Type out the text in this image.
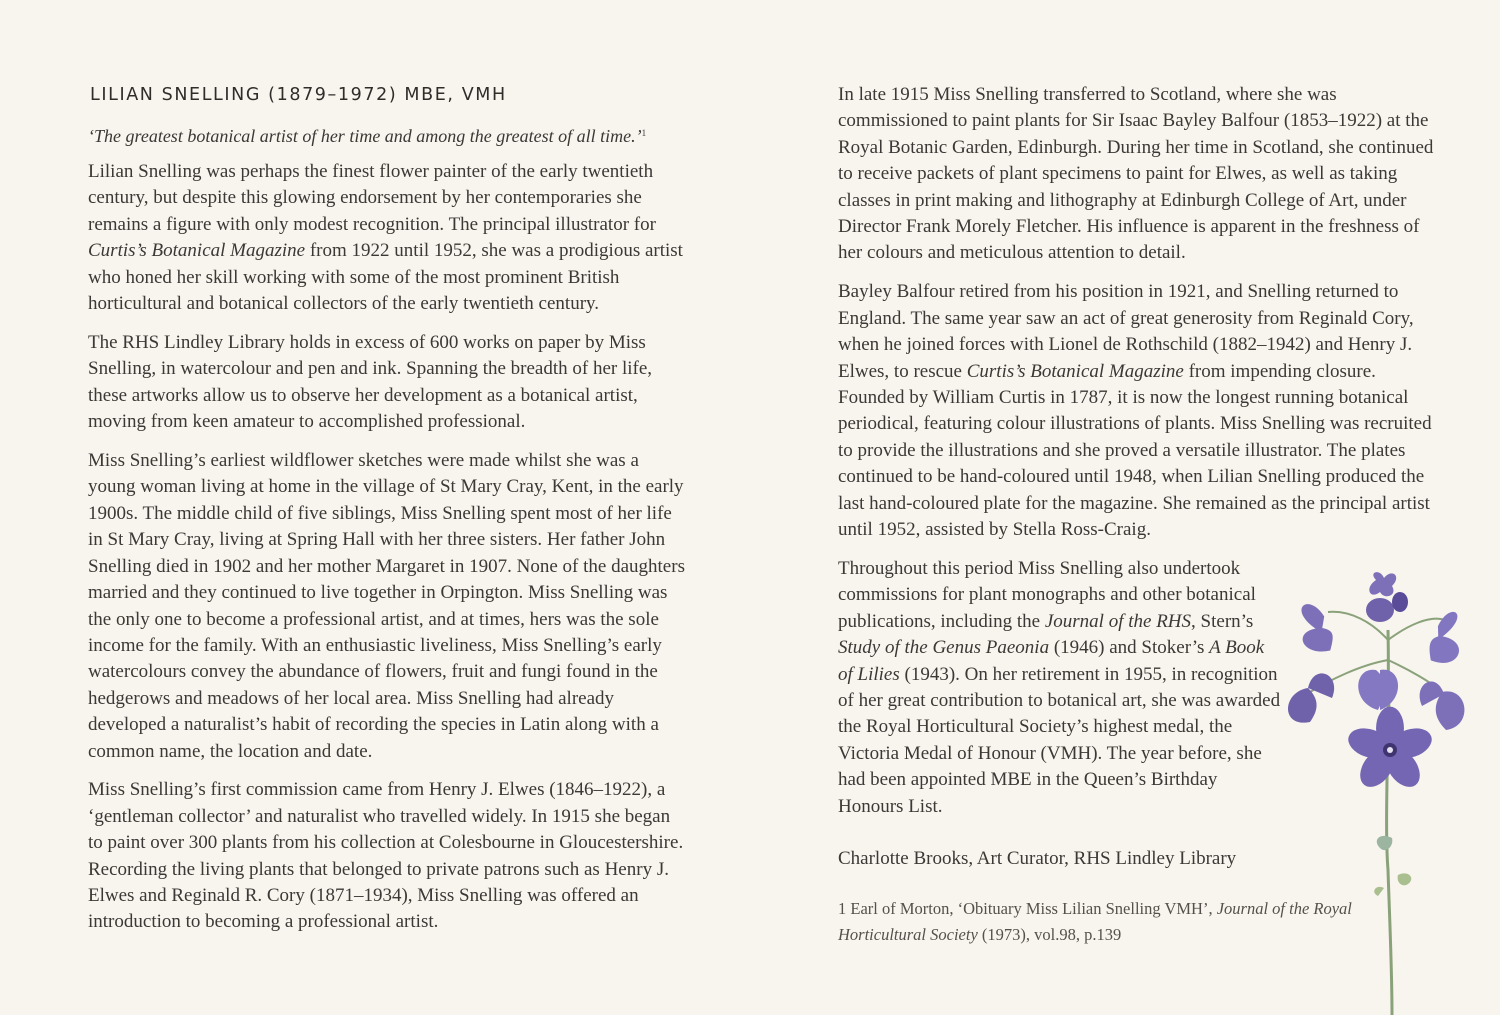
LILIAN SNELLING (1879–1972) MBE, VMH

‘The greatest botanical artist of her time and among the greatest of all time.’$^1$

Lilian Snelling was perhaps the finest flower painter of the early twentieth century, but despite this glowing endorsement by her contemporaries she remains a figure with only modest recognition. The principal illustrator for Curtis’s Botanical Magazine from 1922 until 1952, she was a prodigious artist who honed her skill working with some of the most prominent British horticultural and botanical collectors of the early twentieth century.

The RHS Lindley Library holds in excess of 600 works on paper by Miss Snelling, in watercolour and pen and ink. Spanning the breadth of her life, these artworks allow us to observe her development as a botanical artist, moving from keen amateur to accomplished professional.

Miss Snelling’s earliest wildflower sketches were made whilst she was a young woman living at home in the village of St Mary Cray, Kent, in the early 1900s. The middle child of five siblings, Miss Snelling spent most of her life in St Mary Cray, living at Spring Hall with her three sisters. Her father John Snelling died in 1902 and her mother Margaret in 1907. None of the daughters married and they continued to live together in Orpington. Miss Snelling was the only one to become a professional artist, and at times, hers was the sole income for the family. With an enthusiastic liveliness, Miss Snelling’s early watercolours convey the abundance of flowers, fruit and fungi found in the hedgerows and meadows of her local area. Miss Snelling had already developed a naturalist’s habit of recording the species in Latin along with a common name, the location and date.

Miss Snelling’s first commission came from Henry J. Elwes (1846–1922), a ‘gentleman collector’ and naturalist who travelled widely. In 1915 she began to paint over 300 plants from his collection at Colesbourne in Gloucestershire. Recording the living plants that belonged to private patrons such as Henry J. Elwes and Reginald R. Cory (1871–1934), Miss Snelling was offered an introduction to becoming a professional artist.

In late 1915 Miss Snelling transferred to Scotland, where she was commissioned to paint plants for Sir Isaac Bayley Balfour (1853–1922) at the Royal Botanic Garden, Edinburgh. During her time in Scotland, she continued to receive packets of plant specimens to paint for Elwes, as well as taking classes in print making and lithography at Edinburgh College of Art, under Director Frank Morely Fletcher. His influence is apparent in the freshness of her colours and meticulous attention to detail.

Bayley Balfour retired from his position in 1921, and Snelling returned to England. The same year saw an act of great generosity from Reginald Cory, when he joined forces with Lionel de Rothschild (1882–1942) and Henry J. Elwes, to rescue Curtis’s Botanical Magazine from impending closure. Founded by William Curtis in 1787, it is now the longest running botanical periodical, featuring colour illustrations of plants. Miss Snelling was recruited to provide the illustrations and she proved a versatile illustrator. The plates continued to be hand-coloured until 1948, when Lilian Snelling produced the last hand-coloured plate for the magazine. She remained as the principal artist until 1952, assisted by Stella Ross-Craig.

Throughout this period Miss Snelling also undertook commissions for plant monographs and other botanical publications, including the Journal of the RHS, Stern’s Study of the Genus Paeonia (1946) and Stoker’s A Book of Lilies (1943). On her retirement in 1955, in recognition of her great contribution to botanical art, she was awarded the Royal Horticultural Society’s highest medal, the Victoria Medal of Honour (VMH). The year before, she had been appointed MBE in the Queen’s Birthday Honours List.

Charlotte Brooks, Art Curator, RHS Lindley Library

1 Earl of Morton, ‘Obituary Miss Lilian Snelling VMH’, Journal of the Royal Horticultural Society (1973), vol.98, p.139
